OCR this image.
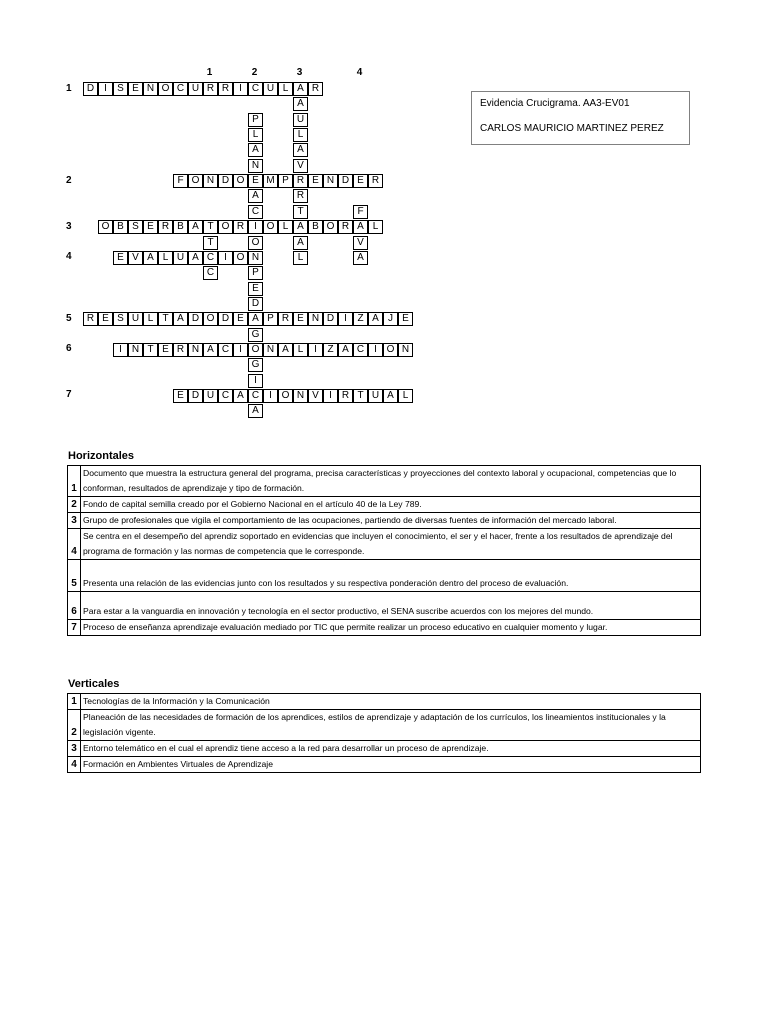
1	2	3	4
1
2
3
4
5
6
7
D	I	S E Ñ O C U R R	I C U L A R
F O N D O E M P R E N D E R
O B S E R B A T O R	I O L A B O R A L
E V A L U A C	I O N
R E S U L T A D O D E A P R E N D	I	Z A J E
I N T E R N A C	I O N A L	I	Z A C	I O N
E D U C A C	I O N V	I R T U A L
T
C
P
L
A
N
A
C
O
P
E
D
G
G
I
A
A
U
L
A
V
R
T
A
L
F
V
A
Evidencia Crucigrama. AA3-EV01
CARLOS MAURICIO MARTINEZ PEREZ
Horizontales
1	Documento que muestra la estructura general del programa, precisa características y proyecciones del contexto laboral y ocupacional, competencias que lo conforman, resultados de aprendizaje y tipo de formación.
2	Fondo de capital semilla creado por el Gobierno Nacional en el artículo 40 de la Ley 789.
3	Grupo de profesionales que vigila el comportamiento de las ocupaciones, partiendo de diversas fuentes de información del mercado laboral.
4	Se centra en el desempeño del aprendiz soportado en evidencias que incluyen el conocimiento, el ser y el hacer, frente a los resultados de aprendizaje del programa de formación y las normas de competencia que le corresponde.
5	Presenta una relación de las evidencias junto con los resultados y su respectiva ponderación dentro del proceso de evaluación.
6	Para estar a la vanguardia en innovación y tecnología en el sector productivo, el SENA suscribe acuerdos con los mejores del mundo.
7	Proceso de enseñanza aprendizaje evaluación mediado por TIC que permite realizar un proceso educativo en cualquier momento y lugar.
Verticales
1	Tecnologías de la Información y la Comunicación
2	Planeación de las necesidades de formación de los aprendices, estilos de aprendizaje y adaptación de los currículos, los lineamientos institucionales y la legislación vigente.
3	Entorno telemático en el cual el aprendiz tiene acceso a la red para desarrollar un proceso de aprendizaje.
4	Formación en Ambientes Virtuales de Aprendizaje
